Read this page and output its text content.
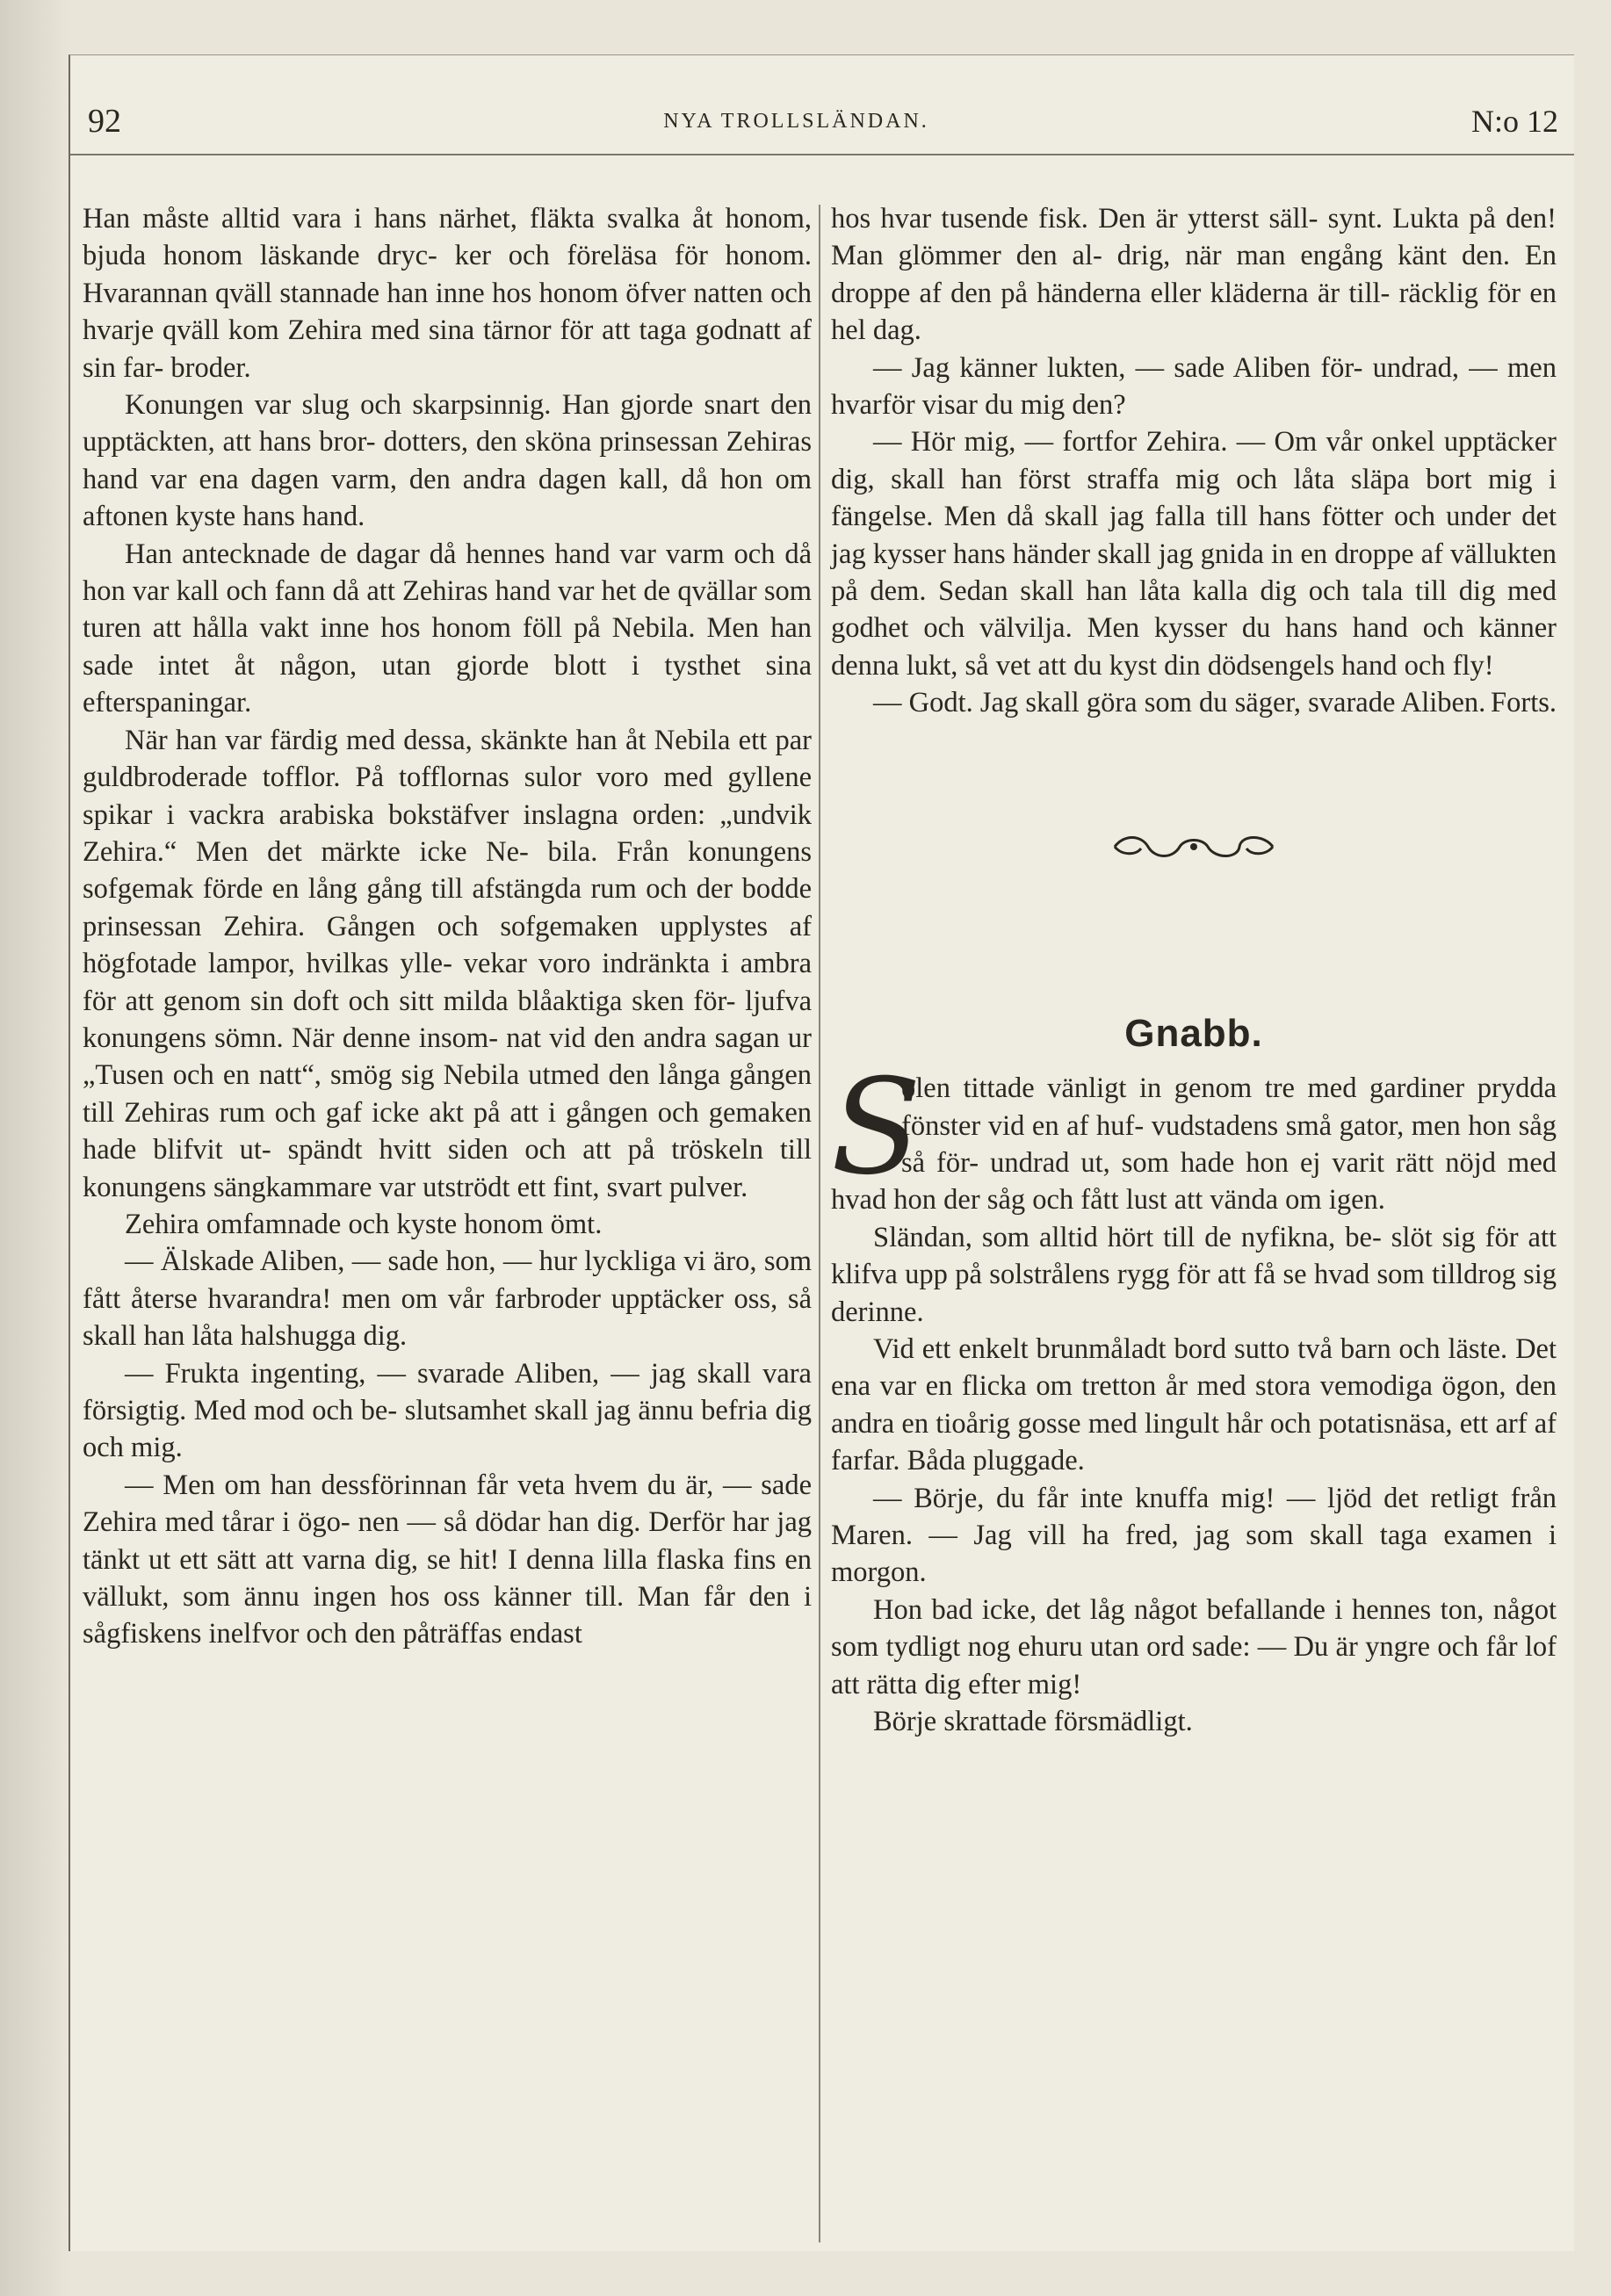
92	NYA TROLLSLÄNDAN.	N:o 12

Han måste alltid vara i hans närhet, fläkta svalka åt honom, bjuda honom läskande dryc- ker och föreläsa för honom. Hvarannan qväll stannade han inne hos honom öfver natten och hvarje qväll kom Zehira med sina tärnor för att taga godnatt af sin far- broder.

Konungen var slug och skarpsinnig. Han gjorde snart den upptäckten, att hans bror- dotters, den sköna prinsessan Zehiras hand var ena dagen varm, den andra dagen kall, då hon om aftonen kyste hans hand.

Han antecknade de dagar då hennes hand var varm och då hon var kall och fann då att Zehiras hand var het de qvällar som turen att hålla vakt inne hos honom föll på Nebila. Men han sade intet åt någon, utan gjorde blott i tysthet sina efterspaningar.

När han var färdig med dessa, skänkte han åt Nebila ett par guldbroderade tofflor. På tofflornas sulor voro med gyllene spikar i vackra arabiska bokstäfver inslagna orden: „undvik Zehira.“ Men det märkte icke Ne- bila. Från konungens sofgemak förde en lång gång till afstängda rum och der bodde prinsessan Zehira. Gången och sofgemaken upplystes af högfotade lampor, hvilkas ylle- vekar voro indränkta i ambra för att genom sin doft och sitt milda blåaktiga sken för- ljufva konungens sömn. När denne insom- nat vid den andra sagan ur „Tusen och en natt“, smög sig Nebila utmed den långa gången till Zehiras rum och gaf icke akt på att i gången och gemaken hade blifvit ut- spändt hvitt siden och att på tröskeln till konungens sängkammare var utströdt ett fint, svart pulver.

Zehira omfamnade och kyste honom ömt.

— Älskade Aliben, — sade hon, — hur lyckliga vi äro, som fått återse hvarandra! men om vår farbroder upptäcker oss, så skall han låta halshugga dig.

— Frukta ingenting, — svarade Aliben, — jag skall vara försigtig. Med mod och be- slutsamhet skall jag ännu befria dig och mig.

— Men om han dessförinnan får veta hvem du är, — sade Zehira med tårar i ögo- nen — så dödar han dig. Derför har jag tänkt ut ett sätt att varna dig, se hit! I denna lilla flaska fins en vällukt, som ännu ingen hos oss känner till. Man får den i sågfiskens inelfvor och den påträffas endast

hos hvar tusende fisk. Den är ytterst säll- synt. Lukta på den! Man glömmer den al- drig, när man engång känt den. En droppe af den på händerna eller kläderna är till- räcklig för en hel dag.

— Jag känner lukten, — sade Aliben för- undrad, — men hvarför visar du mig den?

— Hör mig, — fortfor Zehira. — Om vår onkel upptäcker dig, skall han först straffa mig och låta släpa bort mig i fängelse. Men då skall jag falla till hans fötter och under det jag kysser hans händer skall jag gnida in en droppe af vällukten på dem. Sedan skall han låta kalla dig och tala till dig med godhet och välvilja. Men kysser du hans hand och känner denna lukt, så vet att du kyst din dödsengels hand och fly!

— Godt. Jag skall göra som du säger, svarade Aliben. Forts.
Gnabb.
S

olen tittade vänligt in genom tre med gardiner prydda fönster vid en af huf- vudstadens små gator, men hon såg så för- undrad ut, som hade hon ej varit rätt nöjd med hvad hon der såg och fått lust att vända om igen.

Sländan, som alltid hört till de nyfikna, be- slöt sig för att klifva upp på solstrålens rygg för att få se hvad som tilldrog sig derinne.

Vid ett enkelt brunmåladt bord sutto två barn och läste. Det ena var en flicka om tretton år med stora vemodiga ögon, den andra en tioårig gosse med lingult hår och potatisnäsa, ett arf af farfar. Båda pluggade.

— Börje, du får inte knuffa mig! — ljöd det retligt från Maren. — Jag vill ha fred, jag som skall taga examen i morgon.

Hon bad icke, det låg något befallande i hennes ton, något som tydligt nog ehuru utan ord sade: — Du är yngre och får lof att rätta dig efter mig!

Börje skrattade försmädligt.
